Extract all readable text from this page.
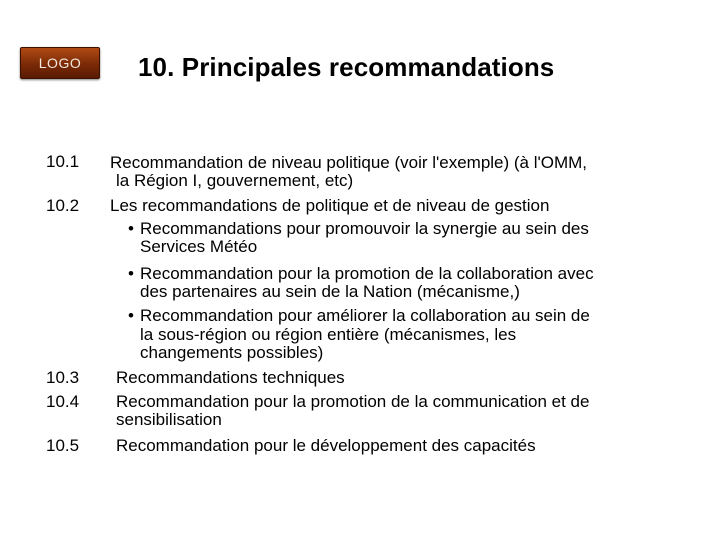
LOGO 10. Principales recommandations
10.1
10.2
10.3
10.4
10.5
Recommandation de niveau politique (voir l'exemple) (à l'OMM,
la Région I, gouvernement, etc)
Les recommandations de politique et de niveau de gestion
• Recommandations pour promouvoir la synergie au sein des
Services Météo
• Recommandation pour la promotion de la collaboration avec
des partenaires au sein de la Nation (mécanisme,)
• Recommandation pour améliorer la collaboration au sein de
la sous-région ou région entière (mécanismes, les
changements possibles)
Recommandations techniques
Recommandation pour la promotion de la communication et de
sensibilisation
Recommandation pour le développement des capacités
